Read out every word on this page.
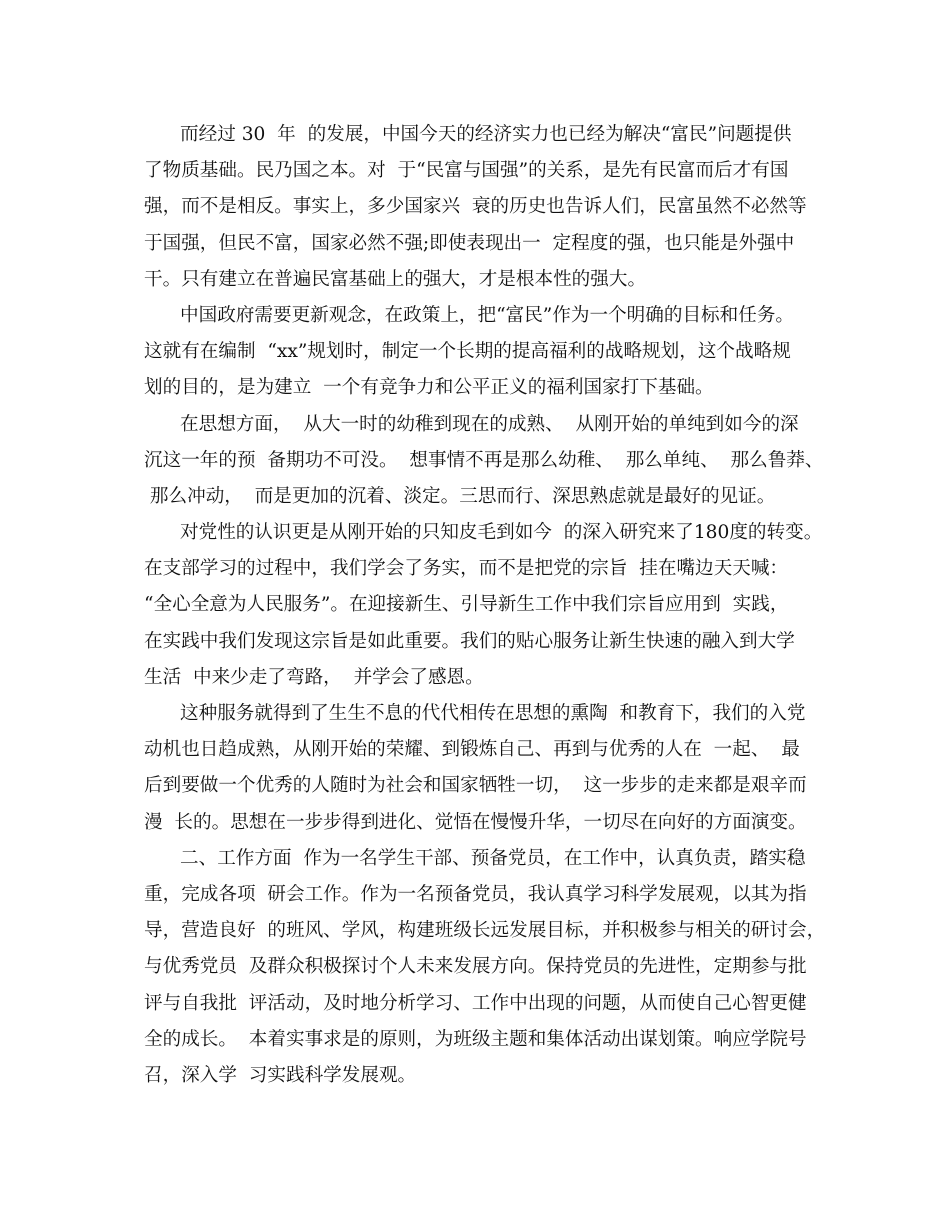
而经过 30  年  的发展，中国今天的经济实力也已经为解决“富民”问题提供
了物质基础。民乃国之本。对  于“民富与国强”的关系，是先有民富而后才有国
强，而不是相反。事实上，多少国家兴  衰的历史也告诉人们，民富虽然不必然等
于国强，但民不富，国家必然不强;即使表现出一  定程度的强，也只能是外强中
干。只有建立在普遍民富基础上的强大，才是根本性的强大。
中国政府需要更新观念，在政策上，把“富民”作为一个明确的目标和任务。
这就有在编制  “xx”规划时，制定一个长期的提高福利的战略规划，这个战略规
划的目的，是为建立  一个有竞争力和公平正义的福利国家打下基础。
在思想方面，  从大一时的幼稚到现在的成熟、  从刚开始的单纯到如今的深
沉这一年的预  备期功不可没。  想事情不再是那么幼稚、  那么单纯、  那么鲁莽、
那么冲动，  而是更加的沉着、淡定。三思而行、深思熟虑就是最好的见证。
对党性的认识更是从刚开始的只知皮毛到如今  的深入研究来了180度的转变。
在支部学习的过程中，我们学会了务实，而不是把党的宗旨  挂在嘴边天天喊：
“全心全意为人民服务”。在迎接新生、引导新生工作中我们宗旨应用到  实践，
在实践中我们发现这宗旨是如此重要。我们的贴心服务让新生快速的融入到大学
生活  中来少走了弯路，  并学会了感恩。
这种服务就得到了生生不息的代代相传在思想的熏陶  和教育下，我们的入党
动机也日趋成熟，从刚开始的荣耀、到锻炼自己、再到与优秀的人在  一起、  最
后到要做一个优秀的人随时为社会和国家牺牲一切，  这一步步的走来都是艰辛而
漫  长的。思想在一步步得到进化、觉悟在慢慢升华，一切尽在向好的方面演变。
二、工作方面  作为一名学生干部、预备党员，在工作中，认真负责，踏实稳
重，完成各项  研会工作。作为一名预备党员，我认真学习科学发展观，以其为指
导，营造良好  的班风、学风，构建班级长远发展目标，并积极参与相关的研讨会，
与优秀党员  及群众积极探讨个人未来发展方向。保持党员的先进性，定期参与批
评与自我批  评活动，及时地分析学习、工作中出现的问题，从而使自己心智更健
全的成长。  本着实事求是的原则，为班级主题和集体活动出谋划策。响应学院号
召，深入学  习实践科学发展观。
